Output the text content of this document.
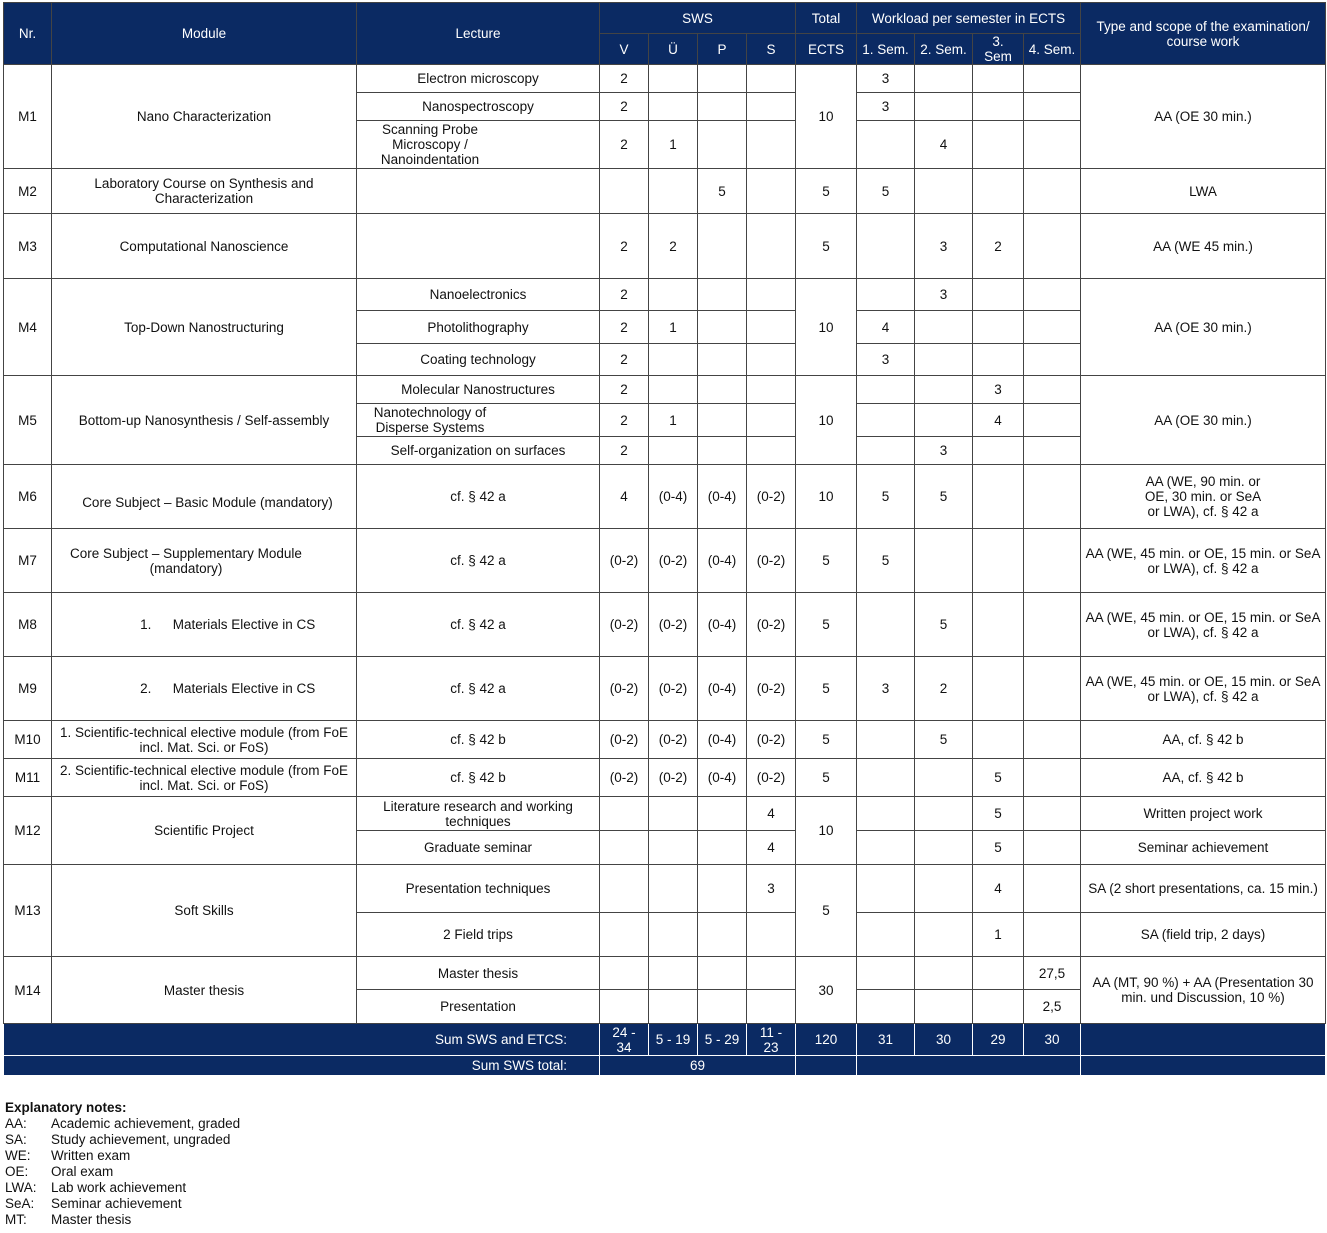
Nr.	Module	Lecture	SWS				Total	Workload per semester in ECTS				Type and scope of the examination/ course work
			V	Ü	P	S	ECTS	1. Sem.	2. Sem.	3. Sem	4. Sem.	
M1	Nano Characterization	Electron microscopy	2				10	3				AA (OE 30 min.)
		Nanospectroscopy	2					3				
		Scanning Probe Microscopy / Nanoindentation	2	1					4			
M2	Laboratory Course on Synthesis and Characterization				5		5	5				LWA
M3	Computational Nanoscience		2	2			5		3	2		AA (WE 45 min.)
M4	Top-Down Nanostructuring	Nanoelectronics	2				10		3			AA (OE 30 min.)
		Photolithography	2	1				4				
		Coating technology	2					3				
M5	Bottom-up Nanosynthesis / Self-assembly	Molecular Nanostructures	2				10			3		AA (OE 30 min.)
		Nanotechnology of Disperse Systems	2	1						4		
		Self-organization on surfaces	2						3			
M6	Core Subject – Basic Module (mandatory)	cf. § 42 a	4	(0-4)	(0-4)	(0-2)	10	5	5			AA (WE, 90 min. or OE, 30 min. or SeA or LWA), cf. § 42 a
M7	Core Subject – Supplementary Module (mandatory)	cf. § 42 a	(0-2)	(0-2)	(0-4)	(0-2)	5	5				AA (WE, 45 min. or OE, 15 min. or SeA or LWA), cf. § 42 a
M8	1. Materials Elective in CS	cf. § 42 a	(0-2)	(0-2)	(0-4)	(0-2)	5		5			AA (WE, 45 min. or OE, 15 min. or SeA or LWA), cf. § 42 a
M9	2. Materials Elective in CS	cf. § 42 a	(0-2)	(0-2)	(0-4)	(0-2)	5	3	2			AA (WE, 45 min. or OE, 15 min. or SeA or LWA), cf. § 42 a
M10	1. Scientific-technical elective module (from FoE incl. Mat. Sci. or FoS)	cf. § 42 b	(0-2)	(0-2)	(0-4)	(0-2)	5		5			AA, cf. § 42 b
M11	2. Scientific-technical elective module (from FoE incl. Mat. Sci. or FoS)	cf. § 42 b	(0-2)	(0-2)	(0-4)	(0-2)	5			5		AA, cf. § 42 b
M12	Scientific Project	Literature research and working techniques				4	10			5		Written project work
		Graduate seminar				4				5		Seminar achievement
M13	Soft Skills	Presentation techniques				3	5			4		SA (2 short presentations, ca. 15 min.)
		2 Field trips								1		SA (field trip, 2 days)
M14	Master thesis	Master thesis					30				27,5	AA (MT, 90 %) + AA (Presentation 30 min. und Discussion, 10 %)
		Presentation									2,5	
Sum SWS and ETCS:			24 - 34	5 - 19	5 - 29	11 - 23	120	31	30	29	30	
Sum SWS total:			69									
Explanatory notes:
AA:	Academic achievement, graded
SA:	Study achievement, ungraded
WE:	Written exam
OE:	Oral exam
LWA:	Lab work achievement
SeA:	Seminar achievement
MT:	Master thesis
